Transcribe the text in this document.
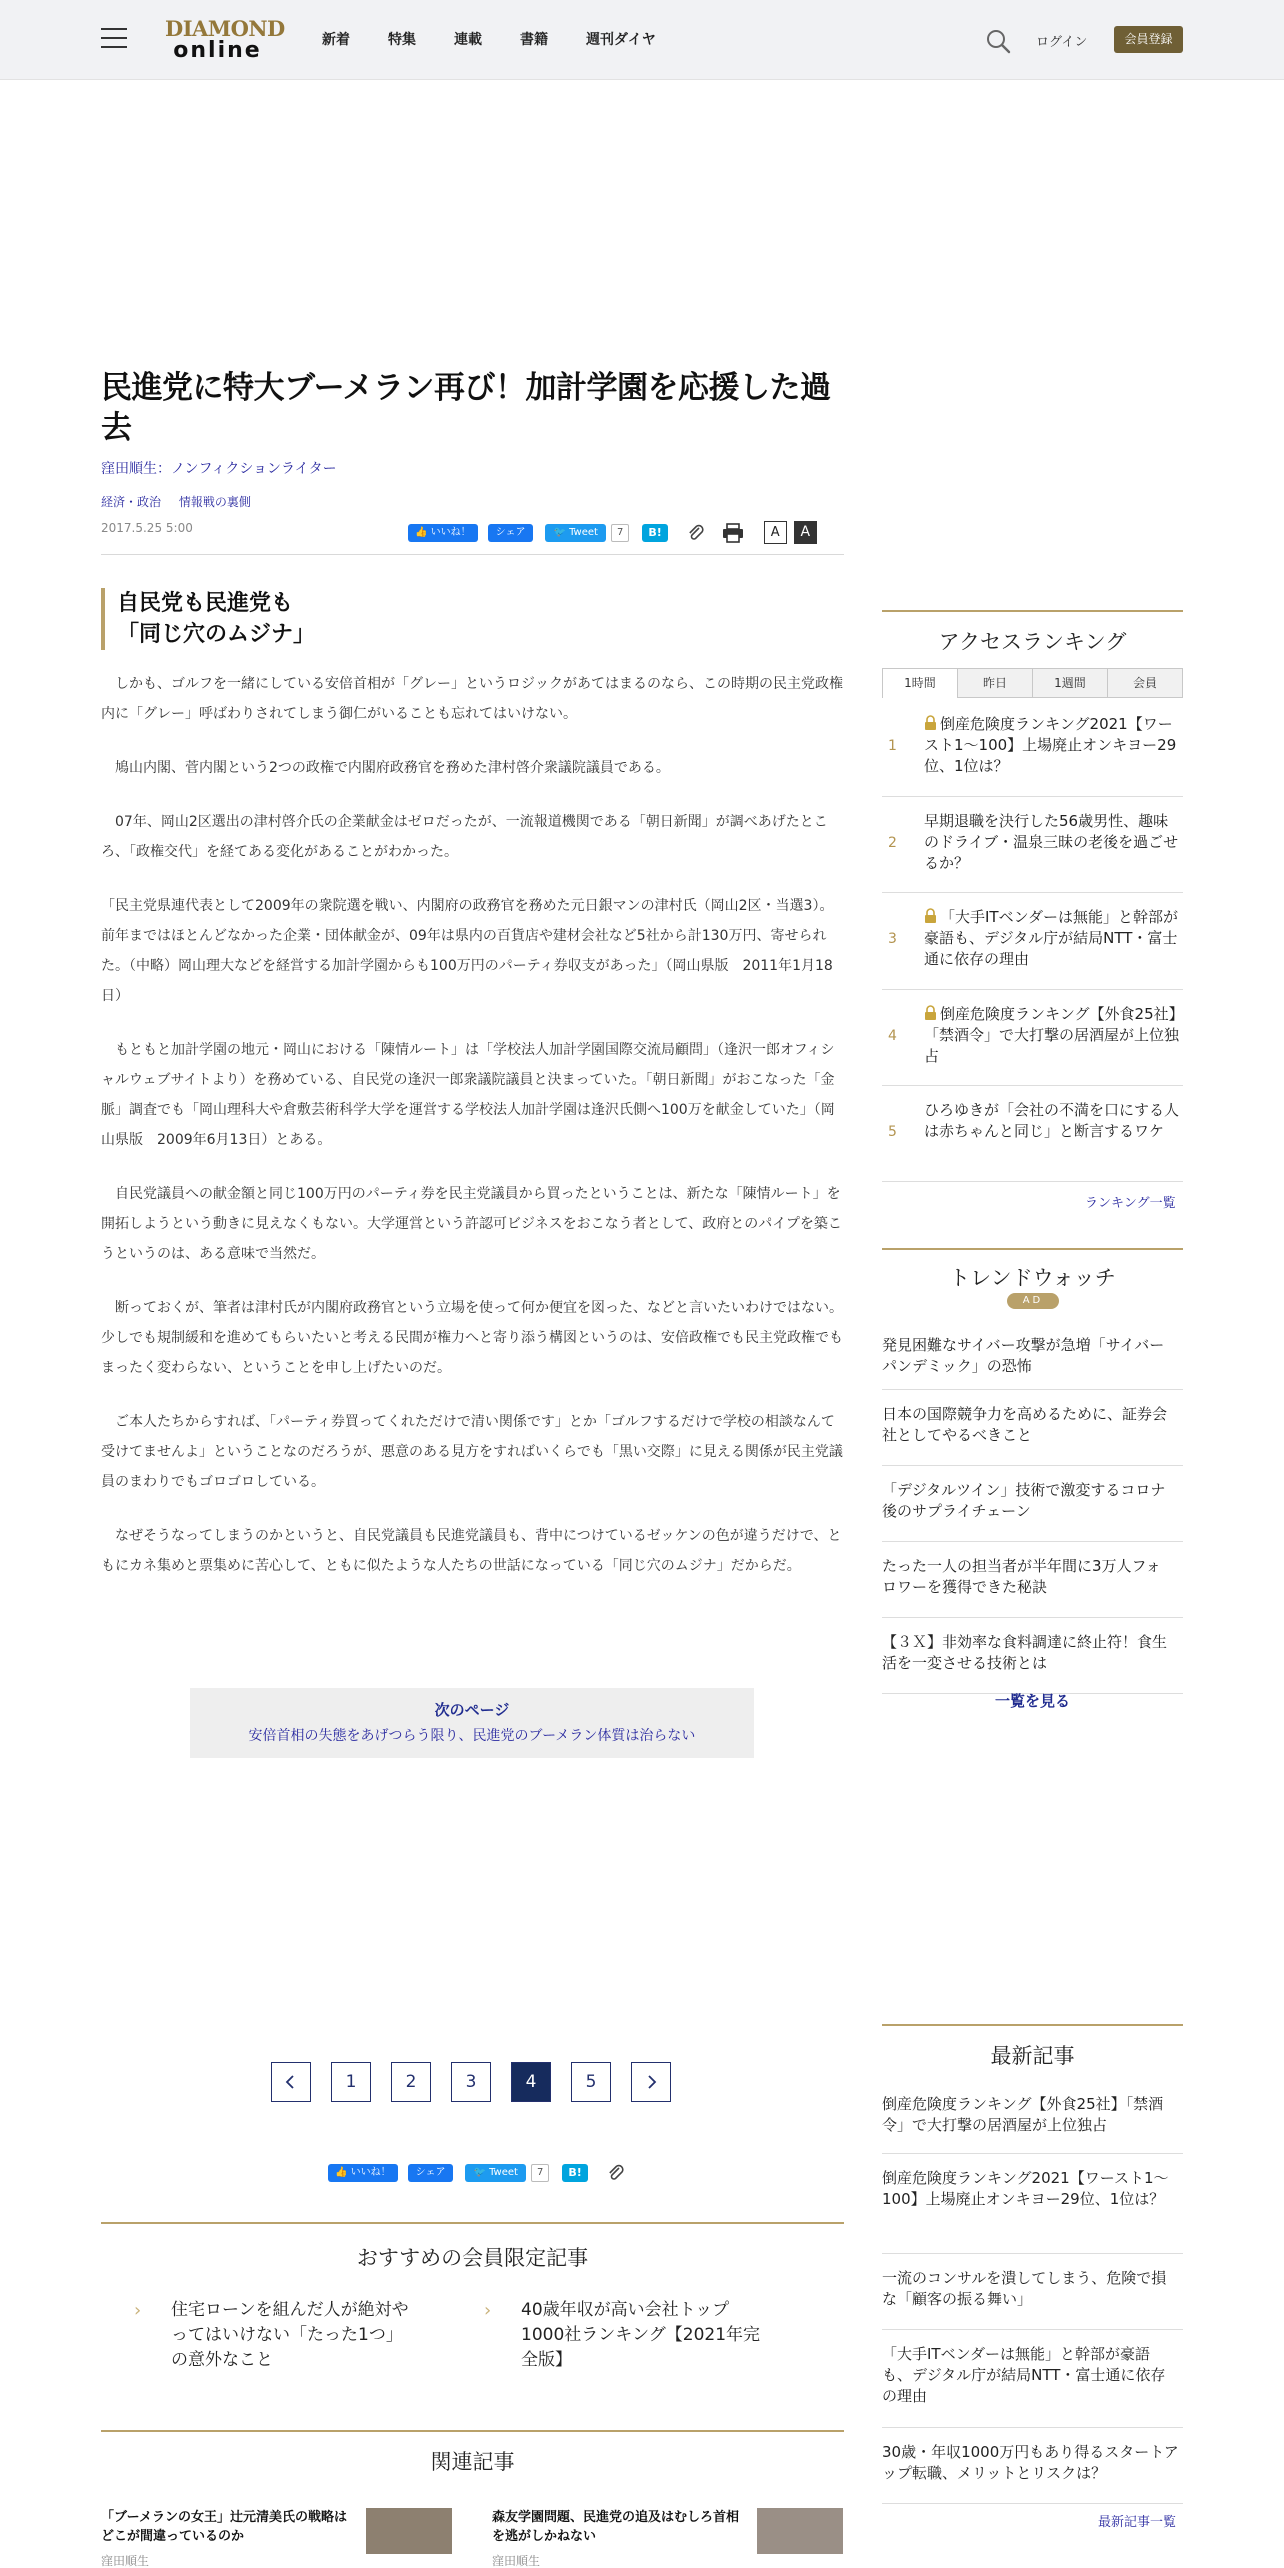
DIAMOND
online	新着	特集	連載	書籍	週刊ダイヤ	ログイン	会員登録
民進党に特大ブーメラン再び！加計学園を応援した過去
窪田順生：ノンフィクションライター
経済・政治 情報戦の裏側
2017.5.25 5:00	👍 いいね！	シェア	🐦 Tweet	7	B!	A	A
自民党も民進党も
「同じ穴のムジナ」

　しかも、ゴルフを一緒にしている安倍首相が「グレー」というロジックがあてはまるのなら、この時期の民主党政権内に「グレー」呼ばわりされてしまう御仁がいることも忘れてはいけない。

　鳩山内閣、菅内閣という2つの政権で内閣府政務官を務めた津村啓介衆議院議員である。

　07年、岡山2区選出の津村啓介氏の企業献金はゼロだったが、一流報道機関である「朝日新聞」が調べあげたところ、「政権交代」を経てある変化があることがわかった。

「民主党県連代表として2009年の衆院選を戦い、内閣府の政務官を務めた元日銀マンの津村氏（岡山2区・当選3）。前年まではほとんどなかった企業・団体献金が、09年は県内の百貨店や建材会社など5社から計130万円、寄せられた。（中略）岡山理大などを経営する加計学園からも100万円のパーティ券収支があった」（岡山県版　2011年1月18日）

　もともと加計学園の地元・岡山における「陳情ルート」は「学校法人加計学園国際交流局顧問」（逢沢一郎オフィシャルウェブサイトより）を務めている、自民党の逢沢一郎衆議院議員と決まっていた。「朝日新聞」がおこなった「金脈」調査でも「岡山理科大や倉敷芸術科学大学を運営する学校法人加計学園は逢沢氏側へ100万を献金していた」（岡山県版　2009年6月13日）とある。

　自民党議員への献金額と同じ100万円のパーティ券を民主党議員から買ったということは、新たな「陳情ルート」を開拓しようという動きに見えなくもない。大学運営という許認可ビジネスをおこなう者として、政府とのパイプを築こうというのは、ある意味で当然だ。

　断っておくが、筆者は津村氏が内閣府政務官という立場を使って何か便宜を図った、などと言いたいわけではない。少しでも規制緩和を進めてもらいたいと考える民間が権力へと寄り添う構図というのは、安倍政権でも民主党政権でもまったく変わらない、ということを申し上げたいのだ。

　ご本人たちからすれば、「パーティ券買ってくれただけで清い関係です」とか「ゴルフするだけで学校の相談なんて受けてませんよ」ということなのだろうが、悪意のある見方をすればいくらでも「黒い交際」に見える関係が民主党議員のまわりでもゴロゴロしている。

　なぜそうなってしまうのかというと、自民党議員も民進党議員も、背中につけているゼッケンの色が違うだけで、ともにカネ集めと票集めに苦心して、ともに似たような人たちの世話になっている「同じ穴のムジナ」だからだ。

次のページ
安倍首相の失態をあげつらう限り、民進党のブーメラン体質は治らない
1	2	3	4	5
👍 いいね！	シェア	🐦 Tweet	7	B!
おすすめの会員限定記事
› 住宅ローンを組んだ人が絶対やってはいけない「たった1つ」の意外なこと
› 40歳年収が高い会社トップ1000社ランキング【2021年完全版】
関連記事
「ブーメランの女王」辻元清美氏の戦略はどこが間違っているのか
窪田順生
森友学園問題、民進党の追及はむしろ首相を逃がしかねない
窪田順生
アクセスランキング
1時間	昨日	1週間	会員
1
倒産危険度ランキング2021【ワースト1～100】上場廃止オンキヨー29位、1位は？
2
早期退職を決行した56歳男性、趣味のドライブ・温泉三昧の老後を過ごせるか？
3
「大手ITベンダーは無能」と幹部が豪語も、デジタル庁が結局NTT・富士通に依存の理由
4
倒産危険度ランキング【外食25社】「禁酒令」で大打撃の居酒屋が上位独占
5
ひろゆきが「会社の不満を口にする人は赤ちゃんと同じ」と断言するワケ
ランキング一覧
トレンドウォッチ
AD
発見困難なサイバー攻撃が急増「サイバーパンデミック」の恐怖
日本の国際競争力を高めるために、証券会社としてやるべきこと
「デジタルツイン」技術で激変するコロナ後のサプライチェーン
たった一人の担当者が半年間に3万人フォロワーを獲得できた秘訣
【３Ｘ】非効率な食料調達に終止符！食生活を一変させる技術とは
一覧を見る
最新記事
倒産危険度ランキング【外食25社】「禁酒令」で大打撃の居酒屋が上位独占
倒産危険度ランキング2021【ワースト1～100】上場廃止オンキヨー29位、1位は？
一流のコンサルを潰してしまう、危険で損な「顧客の振る舞い」
「大手ITベンダーは無能」と幹部が豪語も、デジタル庁が結局NTT・富士通に依存の理由
30歳・年収1000万円もあり得るスタートアップ転職、メリットとリスクは？
最新記事一覧
